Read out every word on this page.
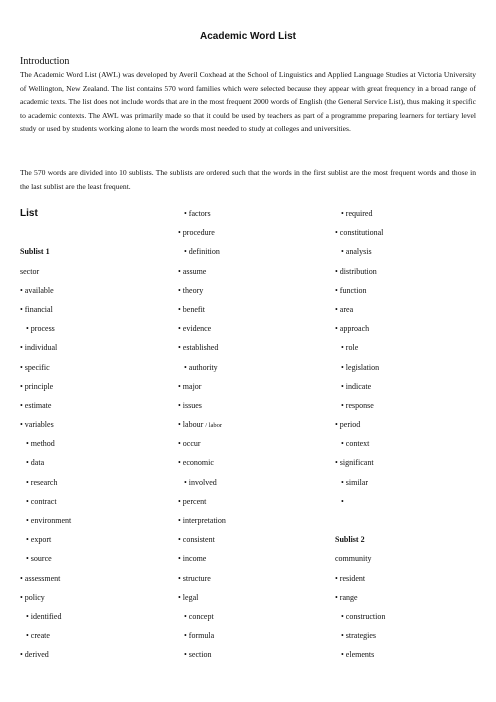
Academic Word List
Introduction

The Academic Word List (AWL) was developed by Averil Coxhead at the School of Linguistics and Applied Language Studies at Victoria University of Wellington, New Zealand. The list contains 570 word families which were selected because they appear with great frequency in a broad range of academic texts. The list does not include words that are in the most frequent 2000 words of English (the General Service List), thus making it specific to academic contexts. The AWL was primarily made so that it could be used by teachers as part of a programme preparing learners for tertiary level study or used by students working alone to learn the words most needed to study at colleges and universities.

The 570 words are divided into 10 sublists. The sublists are ordered such that the words in the first sublist are the most frequent words and those in the last sublist are the least frequent.

List
Sublist 1
sector
• available
• financial
• process
• individual
• specific
• principle
• estimate
• variables
• method
• data
• research
• contract
• environment
• export
• source
• assessment
• policy
• identified
• create
• derived
• factors
• procedure
• definition
• assume
• theory
• benefit
• evidence
• established
• authority
• major
• issues
• labour / labor
• occur
• economic
• involved
• percent
• interpretation
• consistent
• income
• structure
• legal
• concept
• formula
• section
• required
• constitutional
• analysis
• distribution
• function
• area
• approach
• role
• legislation
• indicate
• response
• period
• context
• significant
• similar
•
Sublist 2
community
• resident
• range
• construction
• strategies
• elements
